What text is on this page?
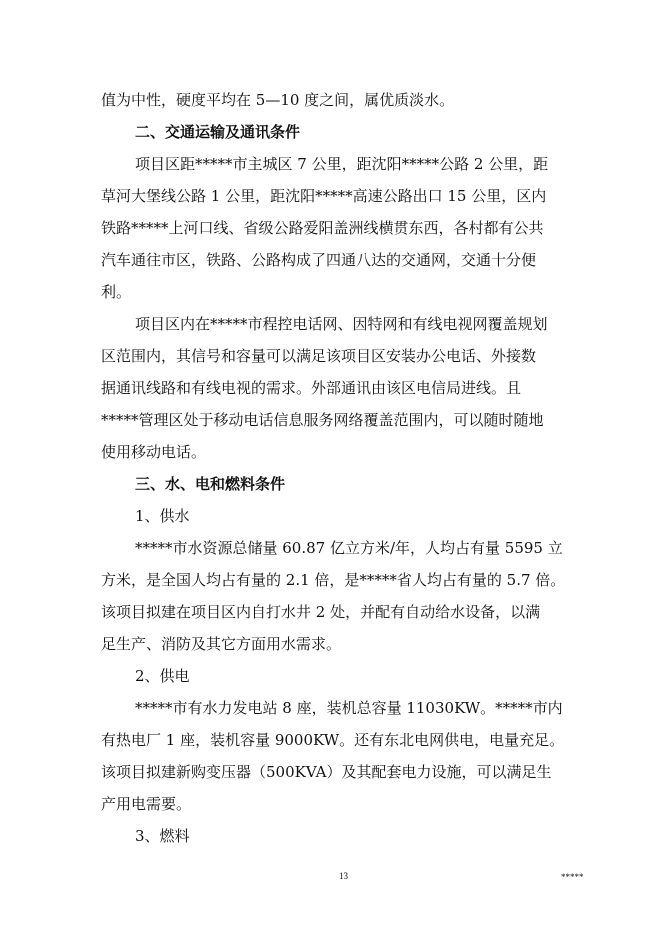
值为中性，硬度平均在 5—10 度之间，属优质淡水。
二、交通运输及通讯条件
项目区距*****市主城区 7 公里，距沈阳*****公路 2 公里，距
草河大堡线公路 1 公里，距沈阳*****高速公路出口 15 公里，区内
铁路*****上河口线、省级公路爱阳盖洲线横贯东西，各村都有公共
汽车通往市区，铁路、公路构成了四通八达的交通网，交通十分便
利。
项目区内在*****市程控电话网、因特网和有线电视网覆盖规划
区范围内，其信号和容量可以满足该项目区安装办公电话、外接数
据通讯线路和有线电视的需求。外部通讯由该区电信局进线。且
*****管理区处于移动电话信息服务网络覆盖范围内，可以随时随地
使用移动电话。
三、水、电和燃料条件
1、供水
*****市水资源总储量 60.87 亿立方米/年，人均占有量 5595 立
方米，是全国人均占有量的 2.1 倍，是*****省人均占有量的 5.7 倍。
该项目拟建在项目区内自打水井 2 处，并配有自动给水设备，以满
足生产、消防及其它方面用水需求。
2、供电
*****市有水力发电站 8 座，装机总容量 11030KW。*****市内
有热电厂 1 座，装机容量 9000KW。还有东北电网供电，电量充足。
该项目拟建新购变压器（500KVA）及其配套电力设施，可以满足生
产用电需要。
3、燃料
13	*****
